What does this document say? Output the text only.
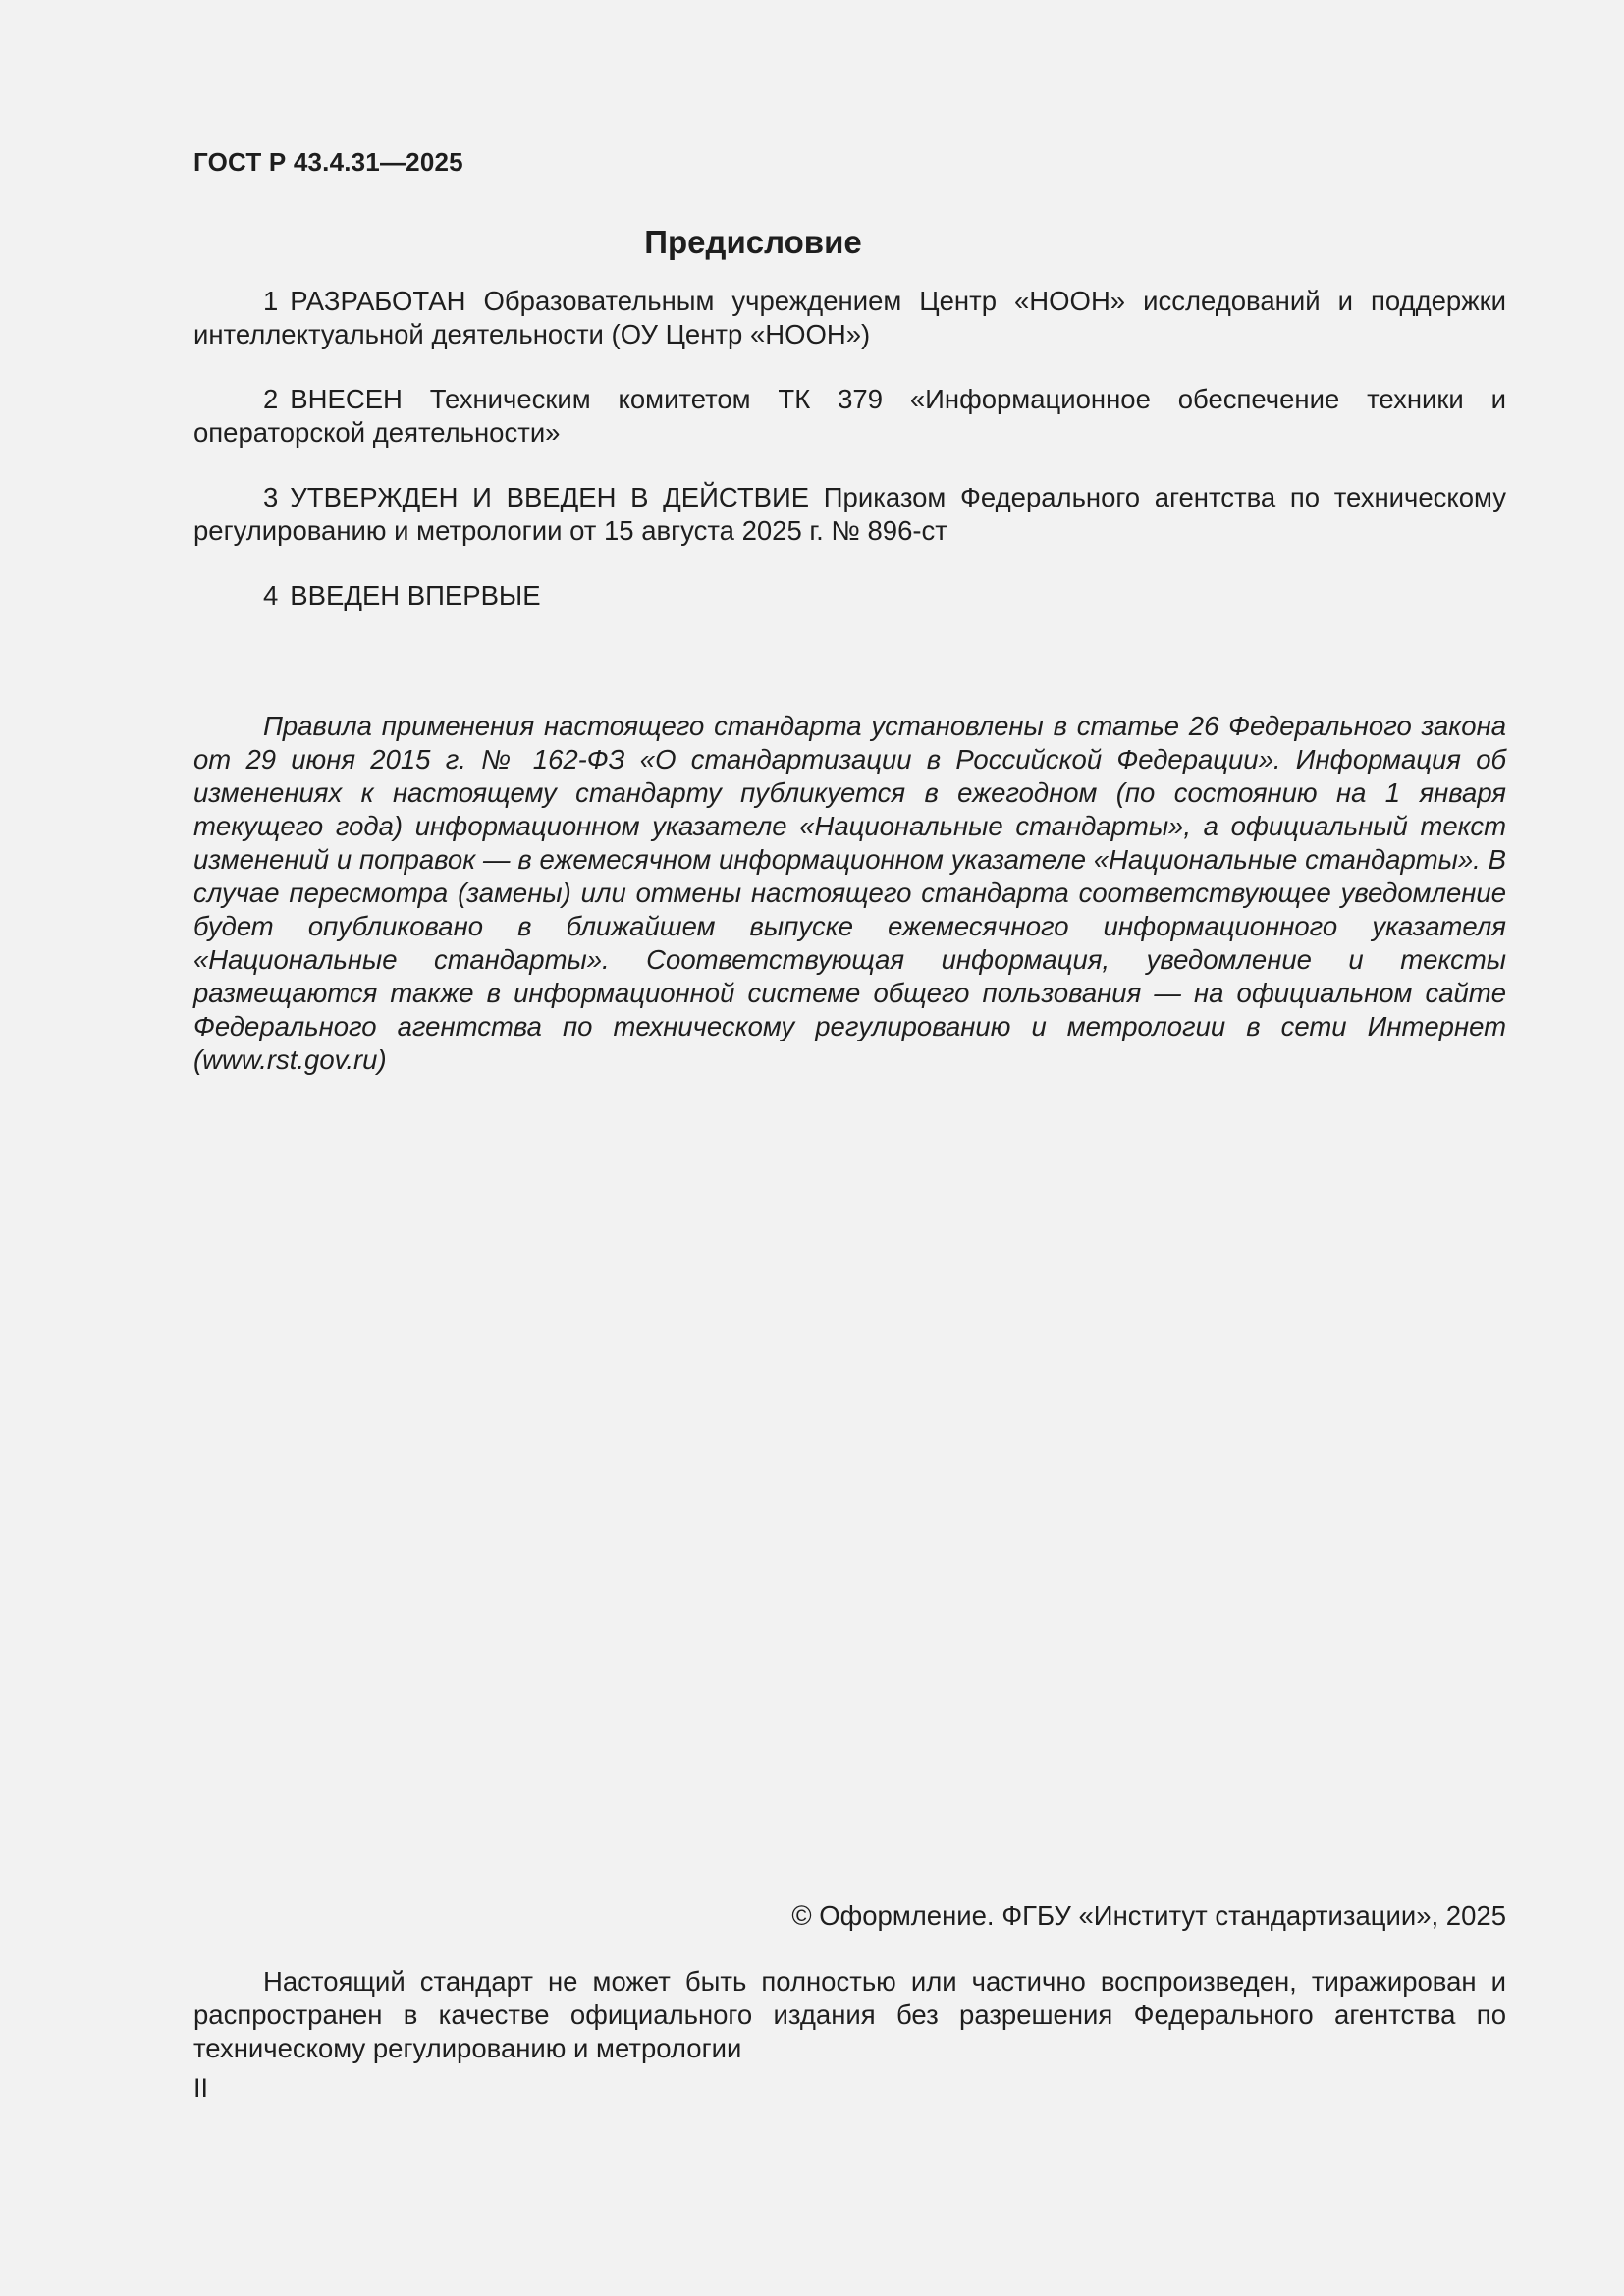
ГОСТ Р 43.4.31—2025
Предисловие

1 РАЗРАБОТАН Образовательным учреждением Центр «НООН» исследований и поддержки интеллектуальной деятельности (ОУ Центр «НООН»)

2 ВНЕСЕН Техническим комитетом ТК 379 «Информационное обеспечение техники и операторской деятельности»

3 УТВЕРЖДЕН И ВВЕДЕН В ДЕЙСТВИЕ Приказом Федерального агентства по техническому регулированию и метрологии от 15 августа 2025 г. № 896-ст

4 ВВЕДЕН ВПЕРВЫЕ

Правила применения настоящего стандарта установлены в статье 26 Федерального закона от 29 июня 2015 г. № 162-ФЗ «О стандартизации в Российской Федерации». Информация об изменениях к настоящему стандарту публикуется в ежегодном (по состоянию на 1 января текущего года) информационном указателе «Национальные стандарты», а официальный текст изменений и поправок — в ежемесячном информационном указателе «Национальные стандарты». В случае пересмотра (замены) или отмены настоящего стандарта соответствующее уведомление будет опубликовано в ближайшем выпуске ежемесячного информационного указателя «Национальные стандарты». Соответствующая информация, уведомление и тексты размещаются также в информационной системе общего пользования — на официальном сайте Федерального агентства по техническому регулированию и метрологии в сети Интернет (www.rst.gov.ru)

© Оформление. ФГБУ «Институт стандартизации», 2025

Настоящий стандарт не может быть полностью или частично воспроизведен, тиражирован и распространен в качестве официального издания без разрешения Федерального агентства по техническому регулированию и метрологии

II
